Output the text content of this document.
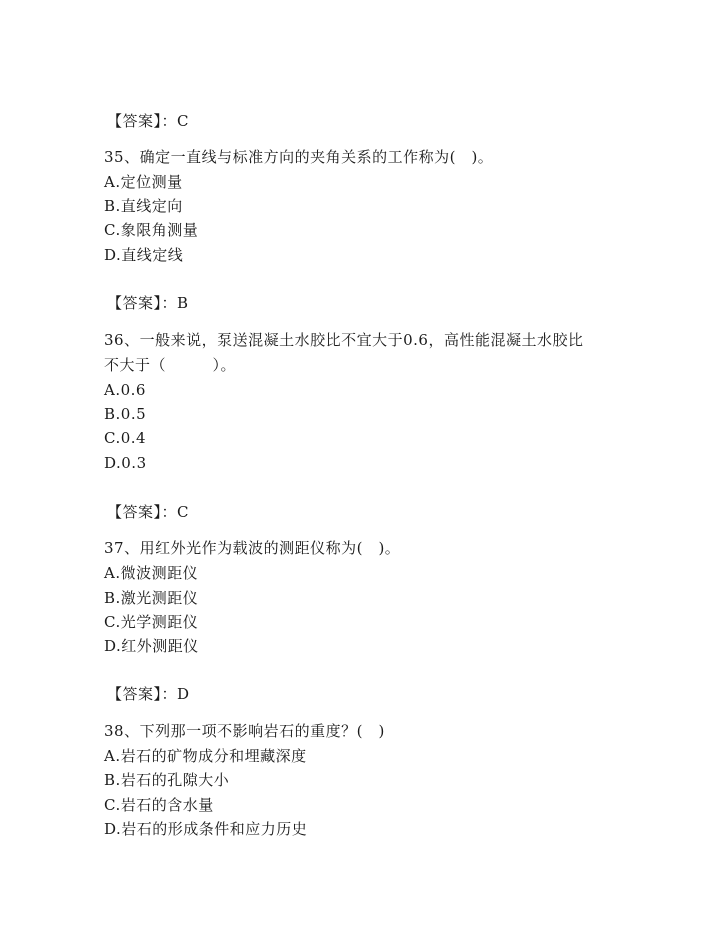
【答案】：C
35、确定一直线与标准方向的夹角关系的工作称为(　)。
A.定位测量
B.直线定向
C.象限角测量
D.直线定线
【答案】：B
36、一般来说，泵送混凝土水胶比不宜大于0.6，高性能混凝土水胶比
不大于（　　　）。
A.0.6
B.0.5
C.0.4
D.0.3
【答案】：C
37、用红外光作为载波的测距仪称为(　)。
A.微波测距仪
B.激光测距仪
C.光学测距仪
D.红外测距仪
【答案】：D
38、下列那一项不影响岩石的重度？(　)
A.岩石的矿物成分和埋藏深度
B.岩石的孔隙大小
C.岩石的含水量
D.岩石的形成条件和应力历史
